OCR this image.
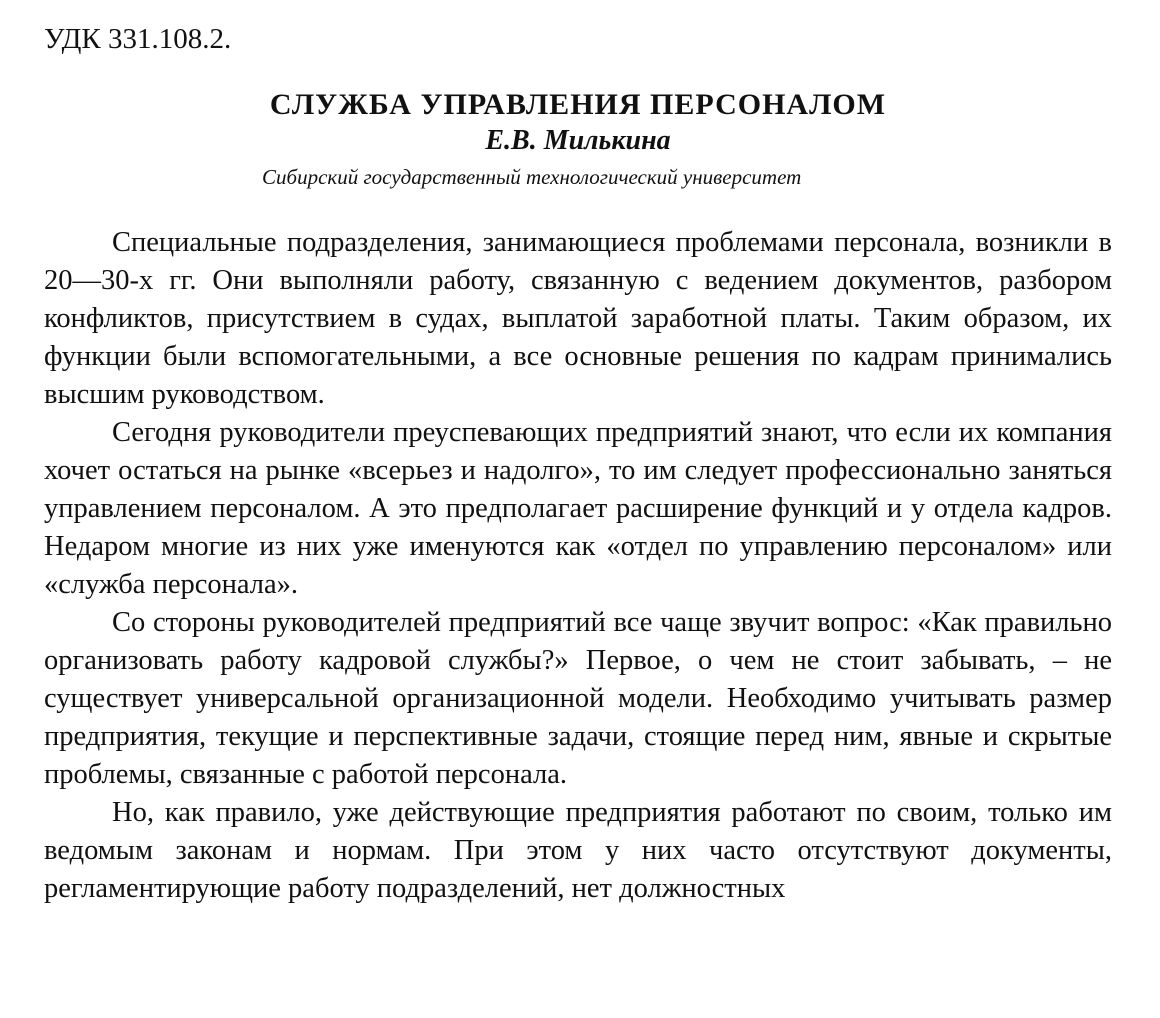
УДК 331.108.2.

СЛУЖБА УПРАВЛЕНИЯ ПЕРСОНАЛОМ

Е.В. Милькина

Сибирский государственный технологический университет

Специальные подразделения, занимающиеся проблемами персонала, возникли в 20—30-х гг. Они выполняли работу, связанную с ведением документов, разбором конфликтов, присутствием в судах, выплатой заработной платы. Таким образом, их функции были вспомогательными, а все основные решения по кадрам принимались высшим руководством.

Сегодня руководители преуспевающих предприятий знают, что если их компания хочет остаться на рынке «всерьез и надолго», то им следует профессионально заняться управлением персоналом. А это предполагает расширение функций и у отдела кадров. Недаром многие из них уже именуются как «отдел по управлению персоналом» или «служба персонала».

Со стороны руководителей предприятий все чаще звучит вопрос: «Как правильно организовать работу кадровой службы?» Первое, о чем не стоит забывать, – не существует универсальной организационной модели. Необходимо учитывать размер предприятия, текущие и перспективные задачи, стоящие перед ним, явные и скрытые проблемы, связанные с работой персонала.

Но, как правило, уже действующие предприятия работают по своим, только им ведомым законам и нормам. При этом у них часто отсутствуют документы, регламентирующие работу подразделений, нет должностных
